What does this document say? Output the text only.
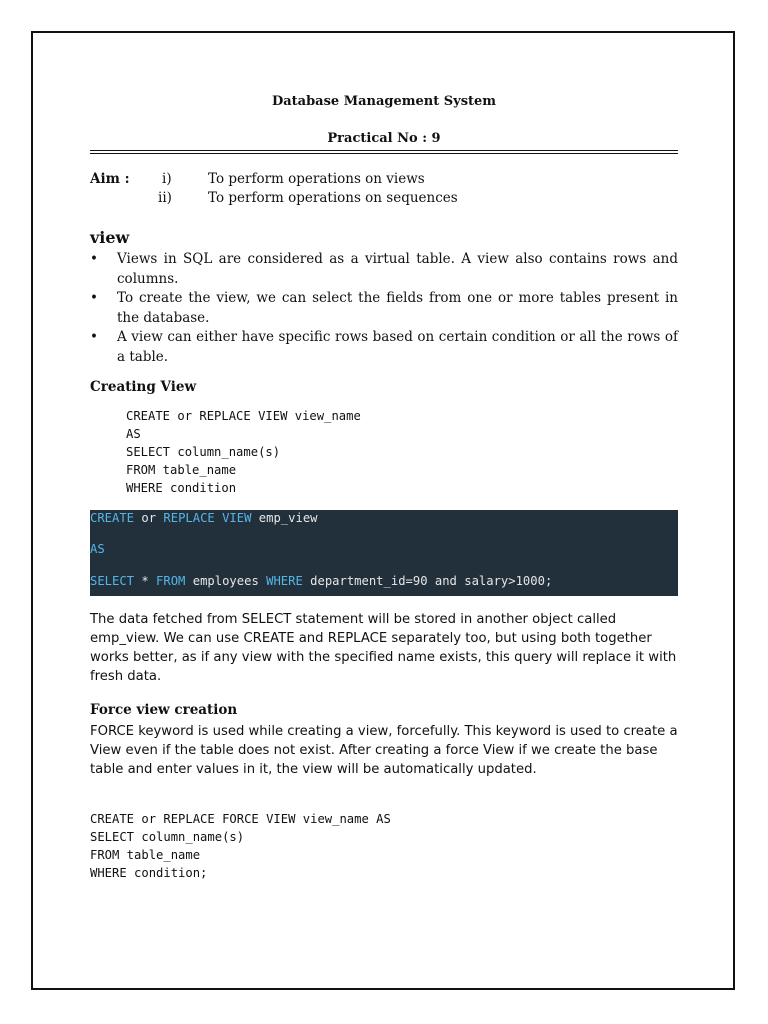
Database Management System
Practical No : 9
Aim : i)	To perform operations on views
ii)	To perform operations on sequences
view
• Views in SQL are considered as a virtual table. A view also contains rows and columns.
• To create the view, we can select the fields from one or more tables present in the database.
• A view can either have specific rows based on certain condition or all the rows of a table.
Creating View
CREATE or REPLACE VIEW view_name
AS
SELECT column_name(s)
FROM table_name
WHERE condition
CREATE or REPLACE VIEW emp_view
AS
SELECT * FROM employees WHERE department_id=90 and salary>1000;
The data fetched from SELECT statement will be stored in another object called emp_view. We can use CREATE and REPLACE separately too, but using both together works better, as if any view with the specified name exists, this query will replace it with fresh data.
Force view creation
FORCE keyword is used while creating a view, forcefully. This keyword is used to create a View even if the table does not exist. After creating a force View if we create the base table and enter values in it, the view will be automatically updated.
CREATE or REPLACE FORCE VIEW view_name AS
SELECT column_name(s)
FROM table_name
WHERE condition;
